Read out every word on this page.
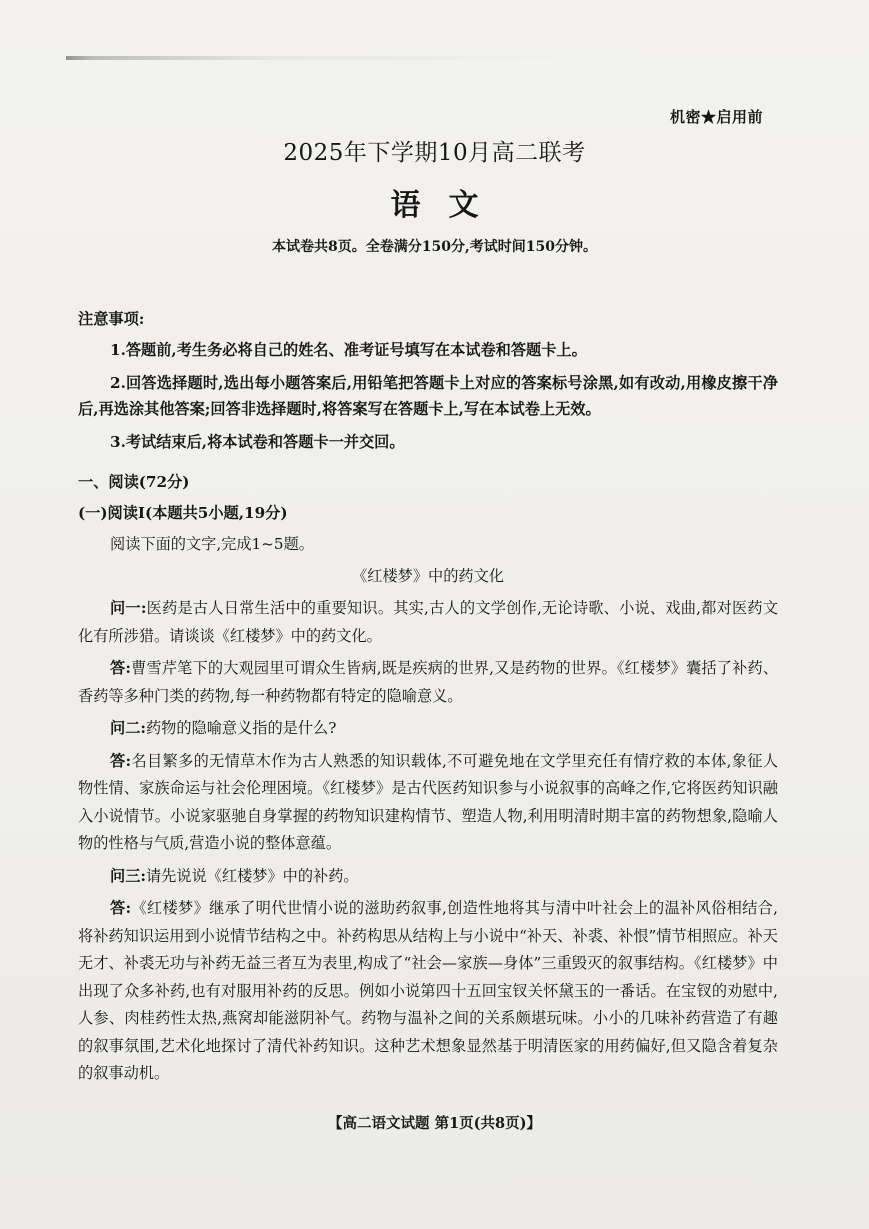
机密★启用前
2025年下学期10月高二联考
语文
本试卷共8页。全卷满分150分,考试时间150分钟。
注意事项:
1.答题前,考生务必将自己的姓名、准考证号填写在本试卷和答题卡上。
2.回答选择题时,选出每小题答案后,用铅笔把答题卡上对应的答案标号涂黑,如有改动,用橡皮擦干净后,再选涂其他答案;回答非选择题时,将答案写在答题卡上,写在本试卷上无效。
3.考试结束后,将本试卷和答题卡一并交回。
一、阅读(72分)
(一)阅读Ⅰ(本题共5小题,19分)
阅读下面的文字,完成1~5题。
《红楼梦》中的药文化

问一:医药是古人日常生活中的重要知识。其实,古人的文学创作,无论诗歌、小说、戏曲,都对医药文化有所涉猎。请谈谈《红楼梦》中的药文化。

答:曹雪芹笔下的大观园里可谓众生皆病,既是疾病的世界,又是药物的世界。《红楼梦》囊括了补药、香药等多种门类的药物,每一种药物都有特定的隐喻意义。

问二:药物的隐喻意义指的是什么?

答:名目繁多的无情草木作为古人熟悉的知识载体,不可避免地在文学里充任有情疗救的本体,象征人物性情、家族命运与社会伦理困境。《红楼梦》是古代医药知识参与小说叙事的高峰之作,它将医药知识融入小说情节。小说家驱驰自身掌握的药物知识建构情节、塑造人物,利用明清时期丰富的药物想象,隐喻人物的性格与气质,营造小说的整体意蕴。

问三:请先说说《红楼梦》中的补药。

答:《红楼梦》继承了明代世情小说的滋助药叙事,创造性地将其与清中叶社会上的温补风俗相结合,将补药知识运用到小说情节结构之中。补药构思从结构上与小说中“补天、补裘、补恨”情节相照应。补天无才、补裘无功与补药无益三者互为表里,构成了“社会—家族—身体”三重毁灭的叙事结构。《红楼梦》中出现了众多补药,也有对服用补药的反思。例如小说第四十五回宝钗关怀黛玉的一番话。在宝钗的劝慰中,人参、肉桂药性太热,燕窝却能滋阴补气。药物与温补之间的关系颇堪玩味。小小的几味补药营造了有趣的叙事氛围,艺术化地探讨了清代补药知识。这种艺术想象显然基于明清医家的用药偏好,但又隐含着复杂的叙事动机。

【高二语文试题 第1页(共8页)】
